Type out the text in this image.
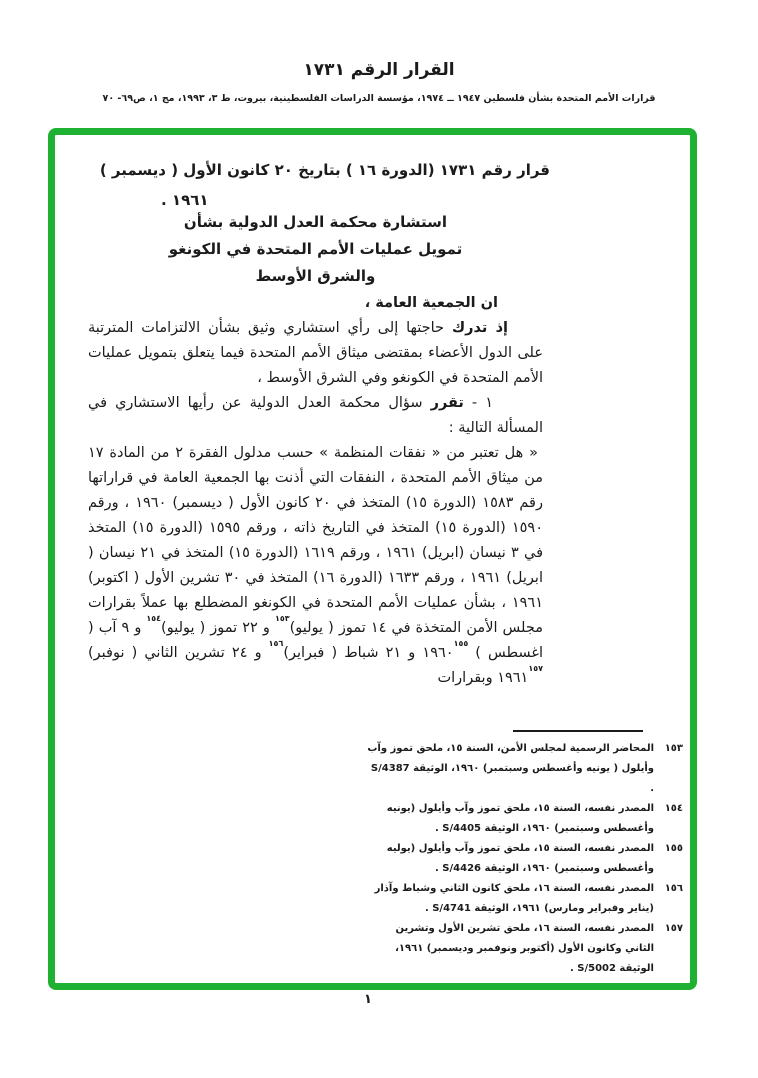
القرار الرقم ١٧٣١
قرارات الأمم المتحدة بشأن فلسطين ١٩٤٧ ــ ١٩٧٤، مؤسسة الدراسات الفلسطينية، بيروت، ط ٣، ١٩٩٣، مج ١، ص٦٩- ٧٠
قرار رقم ١٧٣١ (الدورة ١٦ ) بتاريخ ٢٠ كانون الأول ( ديسمبر )
١٩٦١ .
استشارة محكمة العدل الدولية بشأن
تمويل عمليات الأمم المتحدة في الكونغو
والشرق الأوسط

ان الجمعية العامة ،

إذ تدرك حاجتها إلى رأي استشاري وثيق بشأن الالتزامات المترتبة على الدول الأعضاء بمقتضى ميثاق الأمم المتحدة فيما يتعلق بتمويل عمليات الأمم المتحدة في الكونغو وفي الشرق الأوسط ،

١ - تقرر سؤال محكمة العدل الدولية عن رأيها الاستشاري في المسألة التالية :

« هل تعتبر من « نفقات المنظمة » حسب مدلول الفقرة ٢ من المادة ١٧ من ميثاق الأمم المتحدة ، النفقات التي أذنت بها الجمعية العامة في قراراتها رقم ١٥٨٣ (الدورة ١٥) المتخذ في ٢٠ كانون الأول ( ديسمبر) ١٩٦٠ ، ورقم ١٥٩٠ (الدورة ١٥) المتخذ في التاريخ ذاته ، ورقم ١٥٩٥ (الدورة ١٥) المتخذ في ٣ نيسان (ابريل) ١٩٦١ ، ورقم ١٦١٩ (الدورة ١٥) المتخذ في ٢١ نيسان ( ابريل) ١٩٦١ ، ورقم ١٦٣٣ (الدورة ١٦) المتخذ في ٣٠ تشرين الأول ( اكتوبر) ١٩٦١ ، بشأن عمليات الأمم المتحدة في الكونغو المضطلع بها عملاً بقرارات مجلس الأمن المتخذة في ١٤ تموز ( يوليو)$^{١٥٣}$ و ٢٢ تموز ( يوليو)$^{١٥٤}$ و ٩ آب ( اغسطس ) ١٩٦٠$^{١٥٥}$ و ٢١ شباط ( فبراير)$^{١٥٦}$ و ٢٤ تشرين الثاني ( نوفبر) ١٩٦١$^{١٥٧}$ وبقرارات

١٥٣
المحاضر الرسمية لمجلس الأمن، السنة ١٥، ملحق تموز وآب وأيلول ( يونيه وأغسطس وسبتمبر) ١٩٦٠، الوثيقة S/4387 .
١٥٤
المصدر نفسه، السنة ١٥، ملحق تموز وآب وأيلول (يونيه وأغسطس وسبتمبر) ١٩٦٠، الوثيقة S/4405 .
١٥٥
المصدر نفسه، السنة ١٥، ملحق تموز وآب وأيلول (يوليه وأغسطس وسبتمبر) ١٩٦٠، الوثيقة S/4426 .
١٥٦
المصدر نفسه، السنة ١٦، ملحق كانون الثاني وشباط وآذار (يناير وفبراير ومارس) ١٩٦١، الوثيقة S/4741 .
١٥٧
المصدر نفسه، السنة ١٦، ملحق تشرين الأول وتشرين الثاني وكانون الأول (أكتوبر ونوفمبر وديسمبر) ١٩٦١، الوثيقة S/5002 .
١
